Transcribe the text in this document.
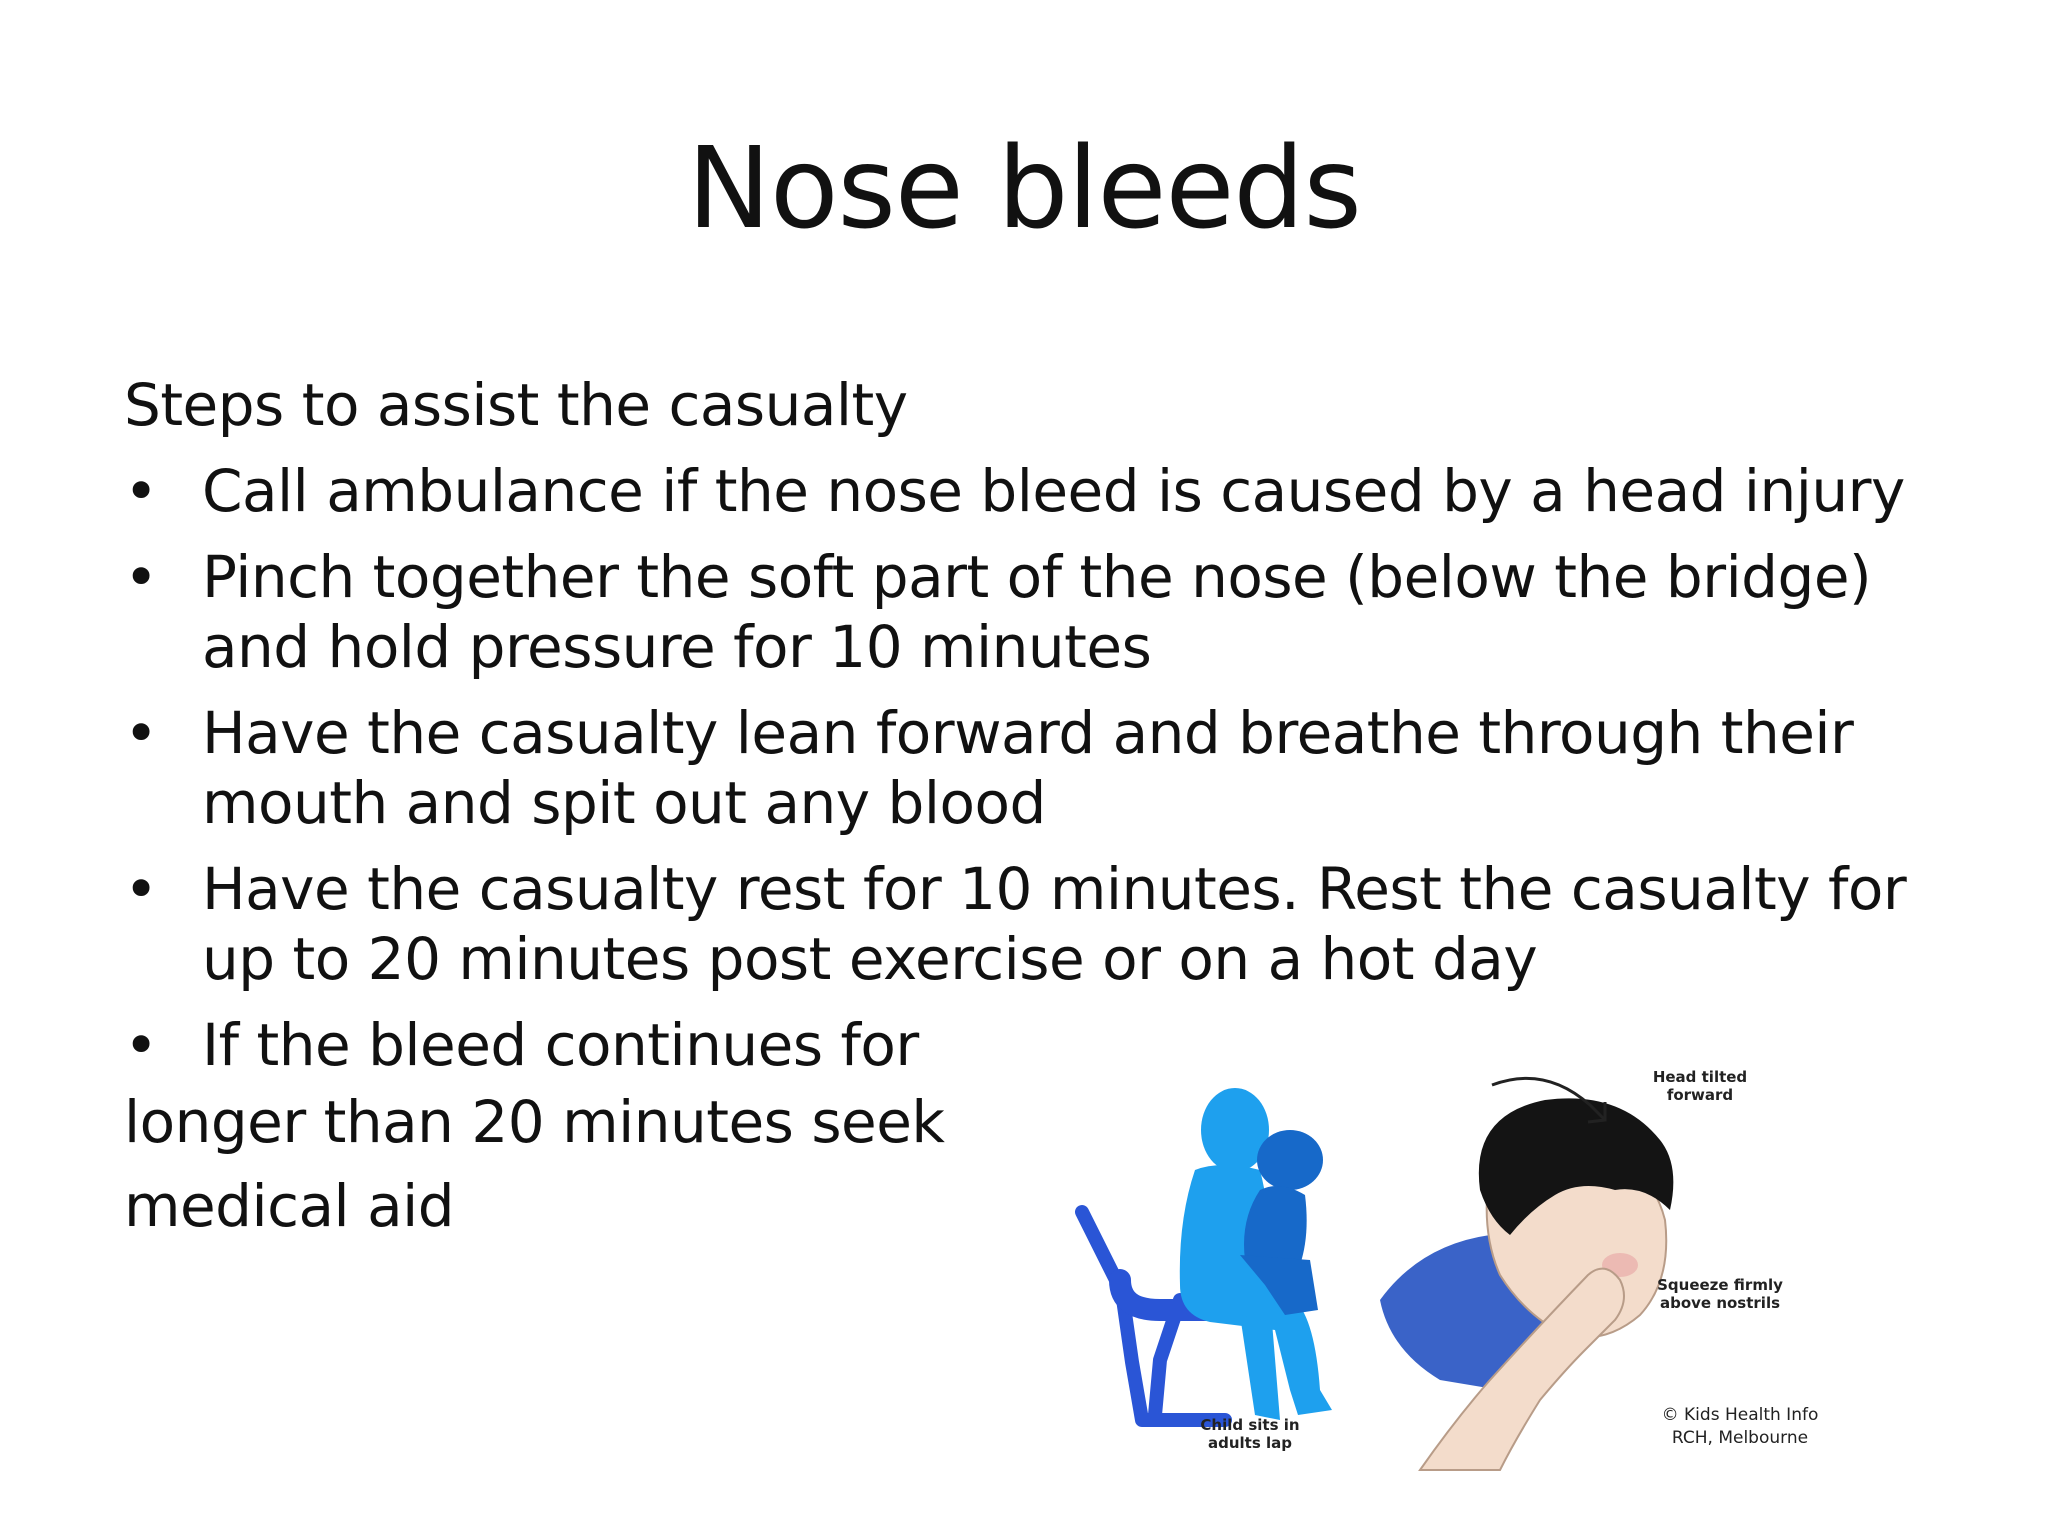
Nose bleeds
Steps to assist the casualty
• Call ambulance if the nose bleed is caused by a head injury
• Pinch together the soft part of the nose (below the bridge) and hold pressure for 10 minutes
• Have the casualty lean forward and breathe through their mouth and spit out any blood
• Have the casualty rest for 10 minutes. Rest the casualty for up to 20 minutes post exercise or on a hot day
• If the bleed continues for
longer than 20 minutes seek
medical aid
Child sits in
adults lap
Head tilted
forward
Squeeze firmly
above nostrils
© Kids Health Info
RCH, Melbourne
